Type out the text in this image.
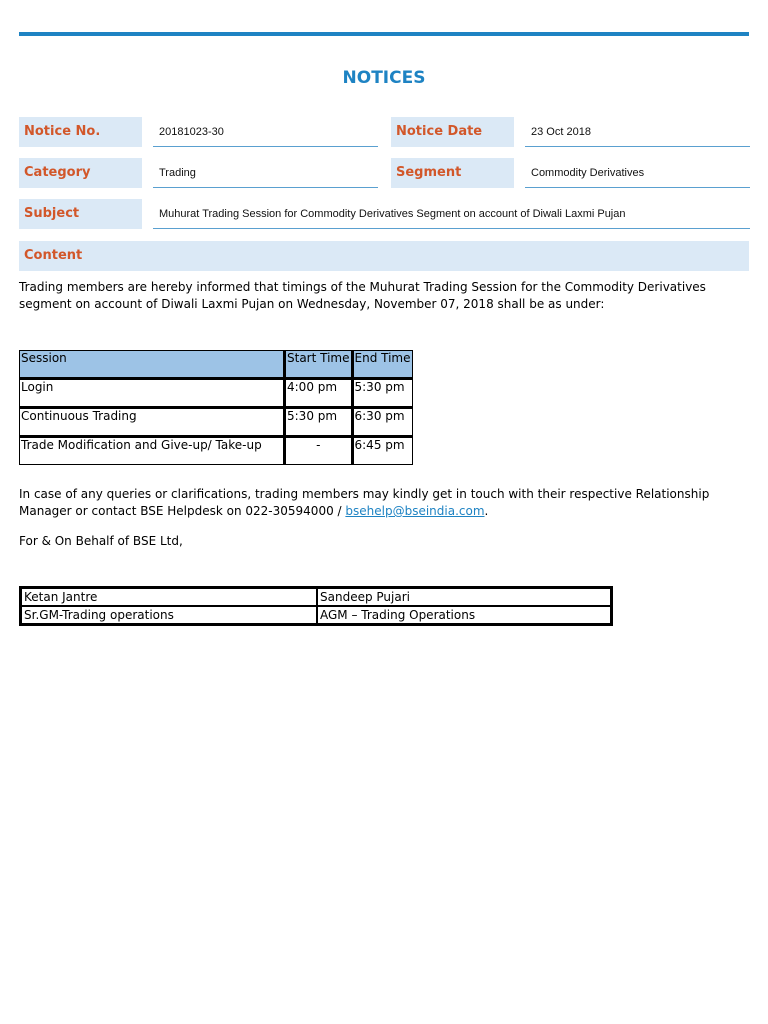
NOTICES
Notice No.	20181023-30	Notice Date	23 Oct 2018
Category	Trading	Segment	Commodity Derivatives
Subject	Muhurat Trading Session for Commodity Derivatives Segment on account of Diwali Laxmi Pujan
Content
Trading members are hereby informed that timings of the Muhurat Trading Session for the Commodity Derivatives segment on account of Diwali Laxmi Pujan on Wednesday, November 07, 2018 shall be as under:
Session	Start Time	End Time
Login	4:00 pm	5:30 pm
Continuous Trading	5:30 pm	6:30 pm
Trade Modification and Give-up/ Take-up	-	6:45 pm
In case of any queries or clarifications, trading members may kindly get in touch with their respective Relationship Manager or contact BSE Helpdesk on 022-30594000 / bsehelp@bseindia.com.
For & On Behalf of BSE Ltd,
Ketan Jantre	Sandeep Pujari
Sr.GM-Trading operations	AGM – Trading Operations
